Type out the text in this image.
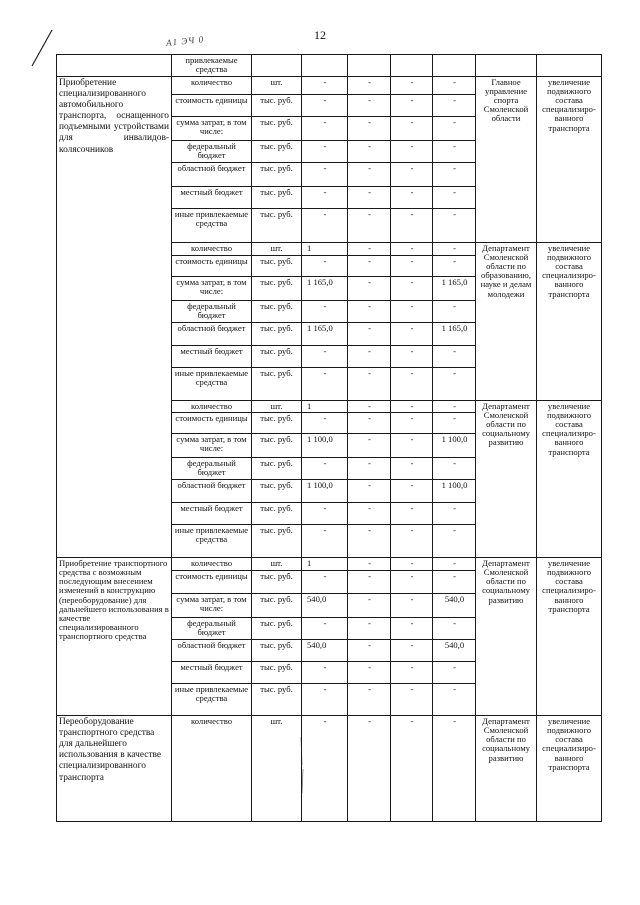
12
А1 ЭЧ 0
	привлекаемые средства							
Приобретение специализированного автомобильного транспорта, оснащенного подъемными устройствами для инвалидов-колясочников	количество	шт.	-	-	-	-	Главное управление спорта Смоленской области	увеличение подвижного состава специализиро-ванного транспорта
	стоимость единицы	тыс. руб.	-	-	-	-		
	сумма затрат, в том числе:	тыс. руб.	-	-	-	-		
	федеральный бюджет	тыс. руб.	-	-	-	-		
	областной бюджет	тыс. руб.	-	-	-	-		
	местный бюджет	тыс. руб.	-	-	-	-		
	иные привлекаемые средства	тыс. руб.	-	-	-	-		
	количество	шт.	1	-	-	-	Департамент Смоленской области по образованию, науке и делам молодежи	увеличение подвижного состава специализиро-ванного транспорта
	стоимость единицы	тыс. руб.	-	-	-	-		
	сумма затрат, в том числе:	тыс. руб.	1 165,0	-	-	1 165,0		
	федеральный бюджет	тыс. руб.	-	-	-	-		
	областной бюджет	тыс. руб.	1 165,0	-	-	1 165,0		
	местный бюджет	тыс. руб.	-	-	-	-		
	иные привлекаемые средства	тыс. руб.	-	-	-	-		
	количество	шт.	1	-	-	-	Департамент Смоленской области по социальному развитию	увеличение подвижного состава специализиро-ванного транспорта
	стоимость единицы	тыс. руб.	-	-	-	-		
	сумма затрат, в том числе:	тыс. руб.	1 100,0	-	-	1 100,0		
	федеральный бюджет	тыс. руб.	-	-	-	-		
	областной бюджет	тыс. руб.	1 100,0	-	-	1 100,0		
	местный бюджет	тыс. руб.	-	-	-	-		
	иные привлекаемые средства	тыс. руб.	-	-	-	-		
Приобретение транспортного средства с возможным последующим внесением изменений в конструкцию (переоборудование) для дальнейшего использования в качестве специализированного транспортного средства	количество	шт.	1	-	-	-	Департамент Смоленской области по социальному развитию	увеличение подвижного состава специализиро-ванного транспорта
	стоимость единицы	тыс. руб.	-	-	-	-		
	сумма затрат, в том числе:	тыс. руб.	540,0	-	-	540,0		
	федеральный бюджет	тыс. руб.	-	-	-	-		
	областной бюджет	тыс. руб.	540,0	-	-	540,0		
	местный бюджет	тыс. руб.	-	-	-	-		
	иные привлекаемые средства	тыс. руб.	-	-	-	-		
Переоборудование транспортного средства для дальнейшего использования в качестве специализированного транспорта	количество	шт.	-	-	-	-	Департамент Смоленской области по социальному развитию	увеличение подвижного состава специализиро-ванного транспорта
